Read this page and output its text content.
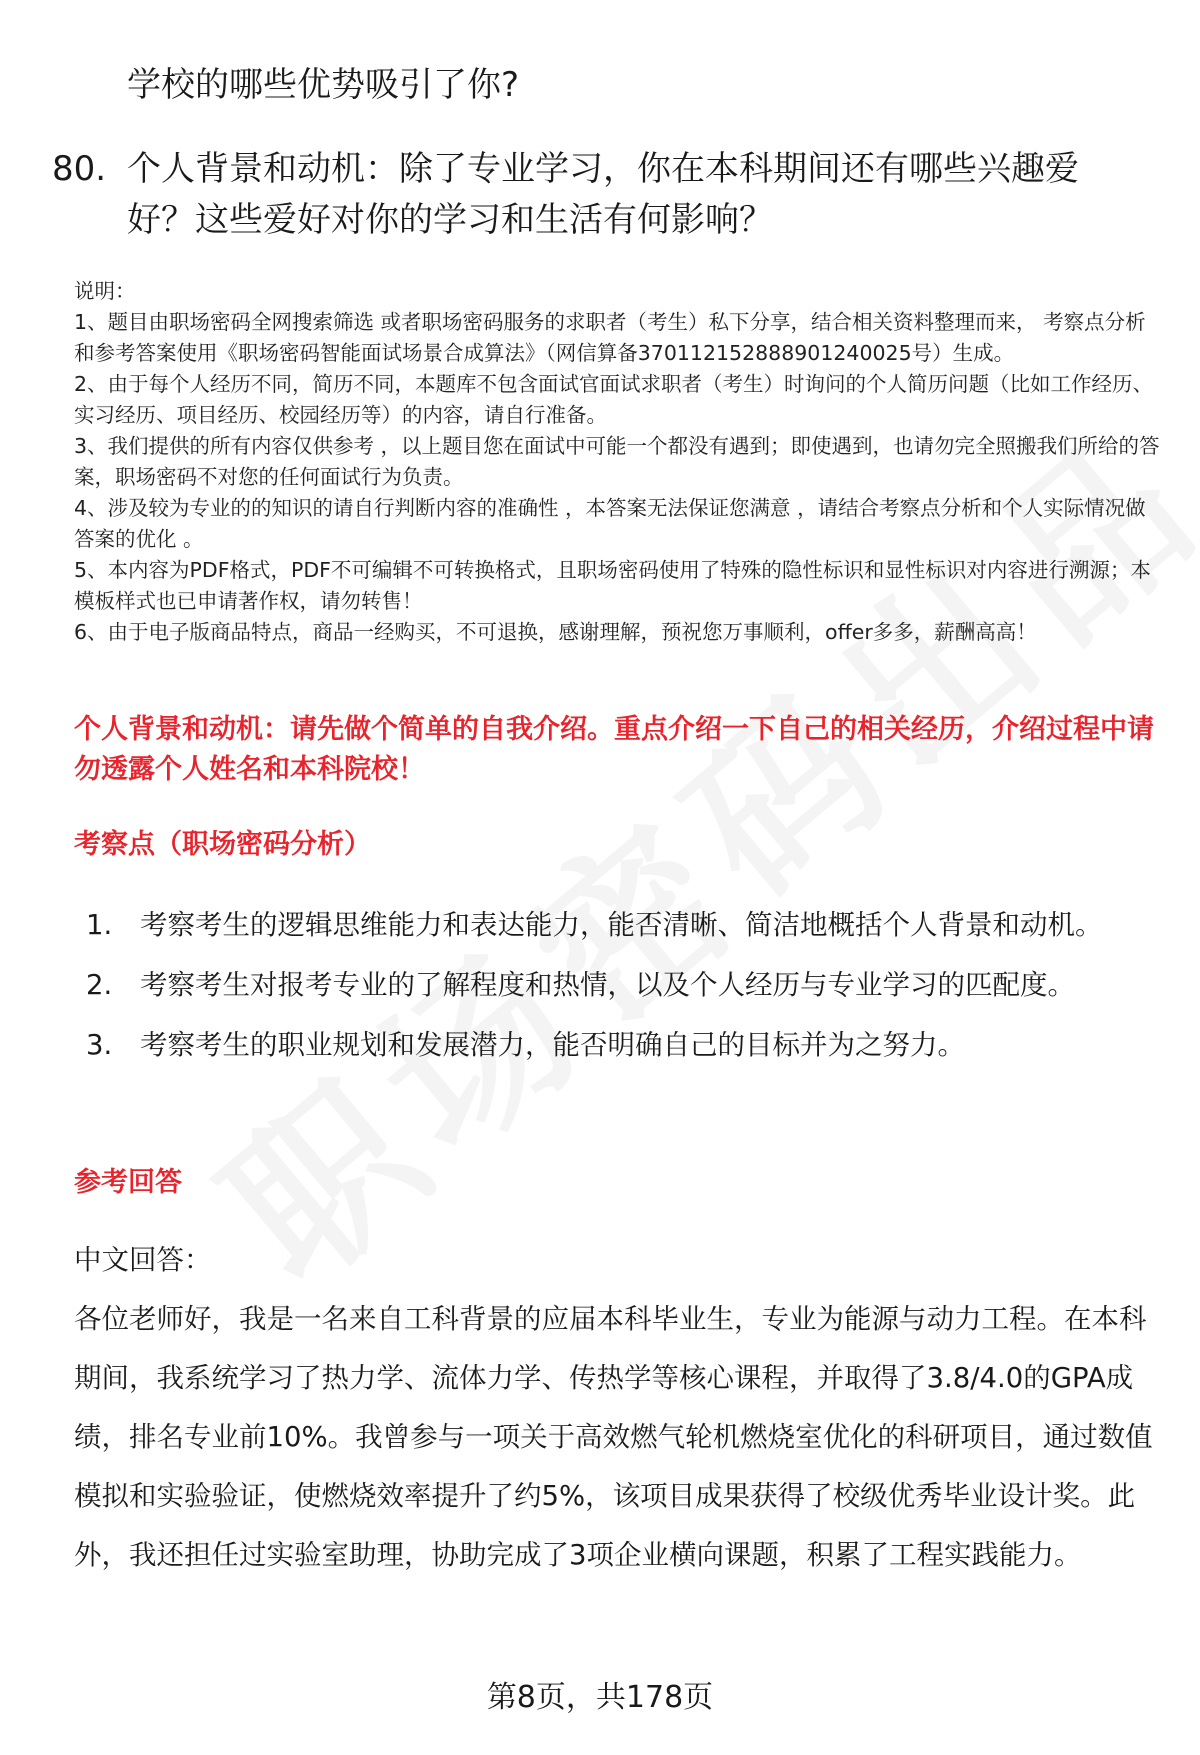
学校的哪些优势吸引了你?
80. 个人背景和动机：除了专业学习，你在本科期间还有哪些兴趣爱好？这些爱好对你的学习和生活有何影响？

说明：

1、题目由职场密码全网搜索筛选 或者职场密码服务的求职者（考生）私下分享，结合相关资料整理而来， 考察点分析和参考答案使用《职场密码智能面试场景合成算法》（网信算备370112152888901240025号）生成。

2、由于每个人经历不同，简历不同，本题库不包含面试官面试求职者（考生）时询问的个人简历问题（比如工作经历、实习经历、项目经历、校园经历等）的内容，请自行准备。

3、我们提供的所有内容仅供参考 ，以上题目您在面试中可能一个都没有遇到；即使遇到，也请勿完全照搬我们所给的答案，职场密码不对您的任何面试行为负责。

4、涉及较为专业的的知识的请自行判断内容的准确性 ，本答案无法保证您满意 ，请结合考察点分析和个人实际情况做答案的优化 。

5、本内容为PDF格式，PDF不可编辑不可转换格式，且职场密码使用了特殊的隐性标识和显性标识对内容进行溯源；本模板样式也已申请著作权，请勿转售！

6、由于电子版商品特点，商品一经购买，不可退换，感谢理解，预祝您万事顺利，offer多多，薪酬高高！

个人背景和动机：请先做个简单的自我介绍。重点介绍一下自己的相关经历，介绍过程中请勿透露个人姓名和本科院校！
考察点（职场密码分析）
1.	考察考生的逻辑思维能力和表达能力，能否清晰、简洁地概括个人背景和动机。
2.	考察考生对报考专业的了解程度和热情，以及个人经历与专业学习的匹配度。
3.	考察考生的职业规划和发展潜力，能否明确自己的目标并为之努力。
参考回答

中文回答：

各位老师好，我是一名来自工科背景的应届本科毕业生，专业为能源与动力工程。在本科期间，我系统学习了热力学、流体力学、传热学等核心课程，并取得了3.8/4.0的GPA成绩，排名专业前10%。我曾参与一项关于高效燃气轮机燃烧室优化的科研项目，通过数值模拟和实验验证，使燃烧效率提升了约5%，该项目成果获得了校级优秀毕业设计奖。此外，我还担任过实验室助理，协助完成了3项企业横向课题，积累了工程实践能力。

第8页，共178页
